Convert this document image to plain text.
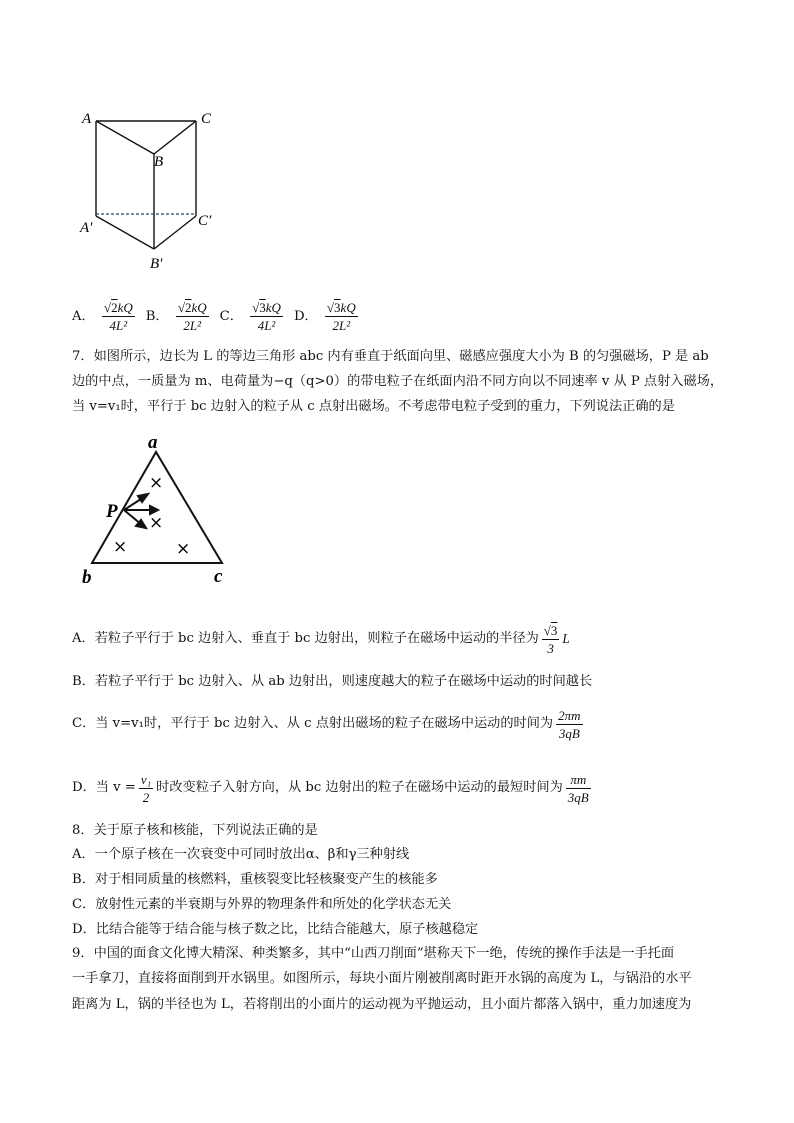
A	C
B
A′	C′
B′
A． $\frac{√2kQ}{\text{4L²}}$ B． $\frac{√2kQ}{\text{2L²}}$ C． $\frac{√3kQ}{\text{4L²}}$ D． $\frac{√3kQ}{\text{2L²}}$
7．如图所示，边长为 L 的等边三角形 abc 内有垂直于纸面向里、磁感应强度大小为 B 的匀强磁场，P 是 ab
边的中点，一质量为 m、电荷量为−q（q>0）的带电粒子在纸面内沿不同方向以不同速率 v 从 P 点射入磁场，
当 v=v₁时，平行于 bc 边射入的粒子从 c 点射出磁场。不考虑带电粒子受到的重力，下列说法正确的是
a
b	c
P
×
×
×	×
A．若粒子平行于 bc 边射入、垂直于 bc 边射出，则粒子在磁场中运动的半径为 $\frac{√3}{3}$ L
B．若粒子平行于 bc 边射入、从 ab 边射出，则速度越大的粒子在磁场中运动的时间越长
C．当 v=v₁时，平行于 bc 边射入、从 c 点射出磁场的粒子在磁场中运动的时间为 $\frac{2\pi m}{3qB}$
D．当 $v = \frac{\text{v₁}}{2}$ 时改变粒子入射方向，从 bc 边射出的粒子在磁场中运动的最短时间为 $\frac{\pi m}{3qB}$
8．关于原子核和核能，下列说法正确的是
A．一个原子核在一次衰变中可同时放出α、β和γ三种射线
B．对于相同质量的核燃料，重核裂变比轻核聚变产生的核能多
C．放射性元素的半衰期与外界的物理条件和所处的化学状态无关
D．比结合能等于结合能与核子数之比，比结合能越大，原子核越稳定
9．中国的面食文化博大精深、种类繁多，其中“山西刀削面”堪称天下一绝，传统的操作手法是一手托面
一手拿刀，直接将面削到开水锅里。如图所示，每块小面片刚被削离时距开水锅的高度为 L，与锅沿的水平
距离为 L，锅的半径也为 L，若将削出的小面片的运动视为平抛运动，且小面片都落入锅中，重力加速度为
